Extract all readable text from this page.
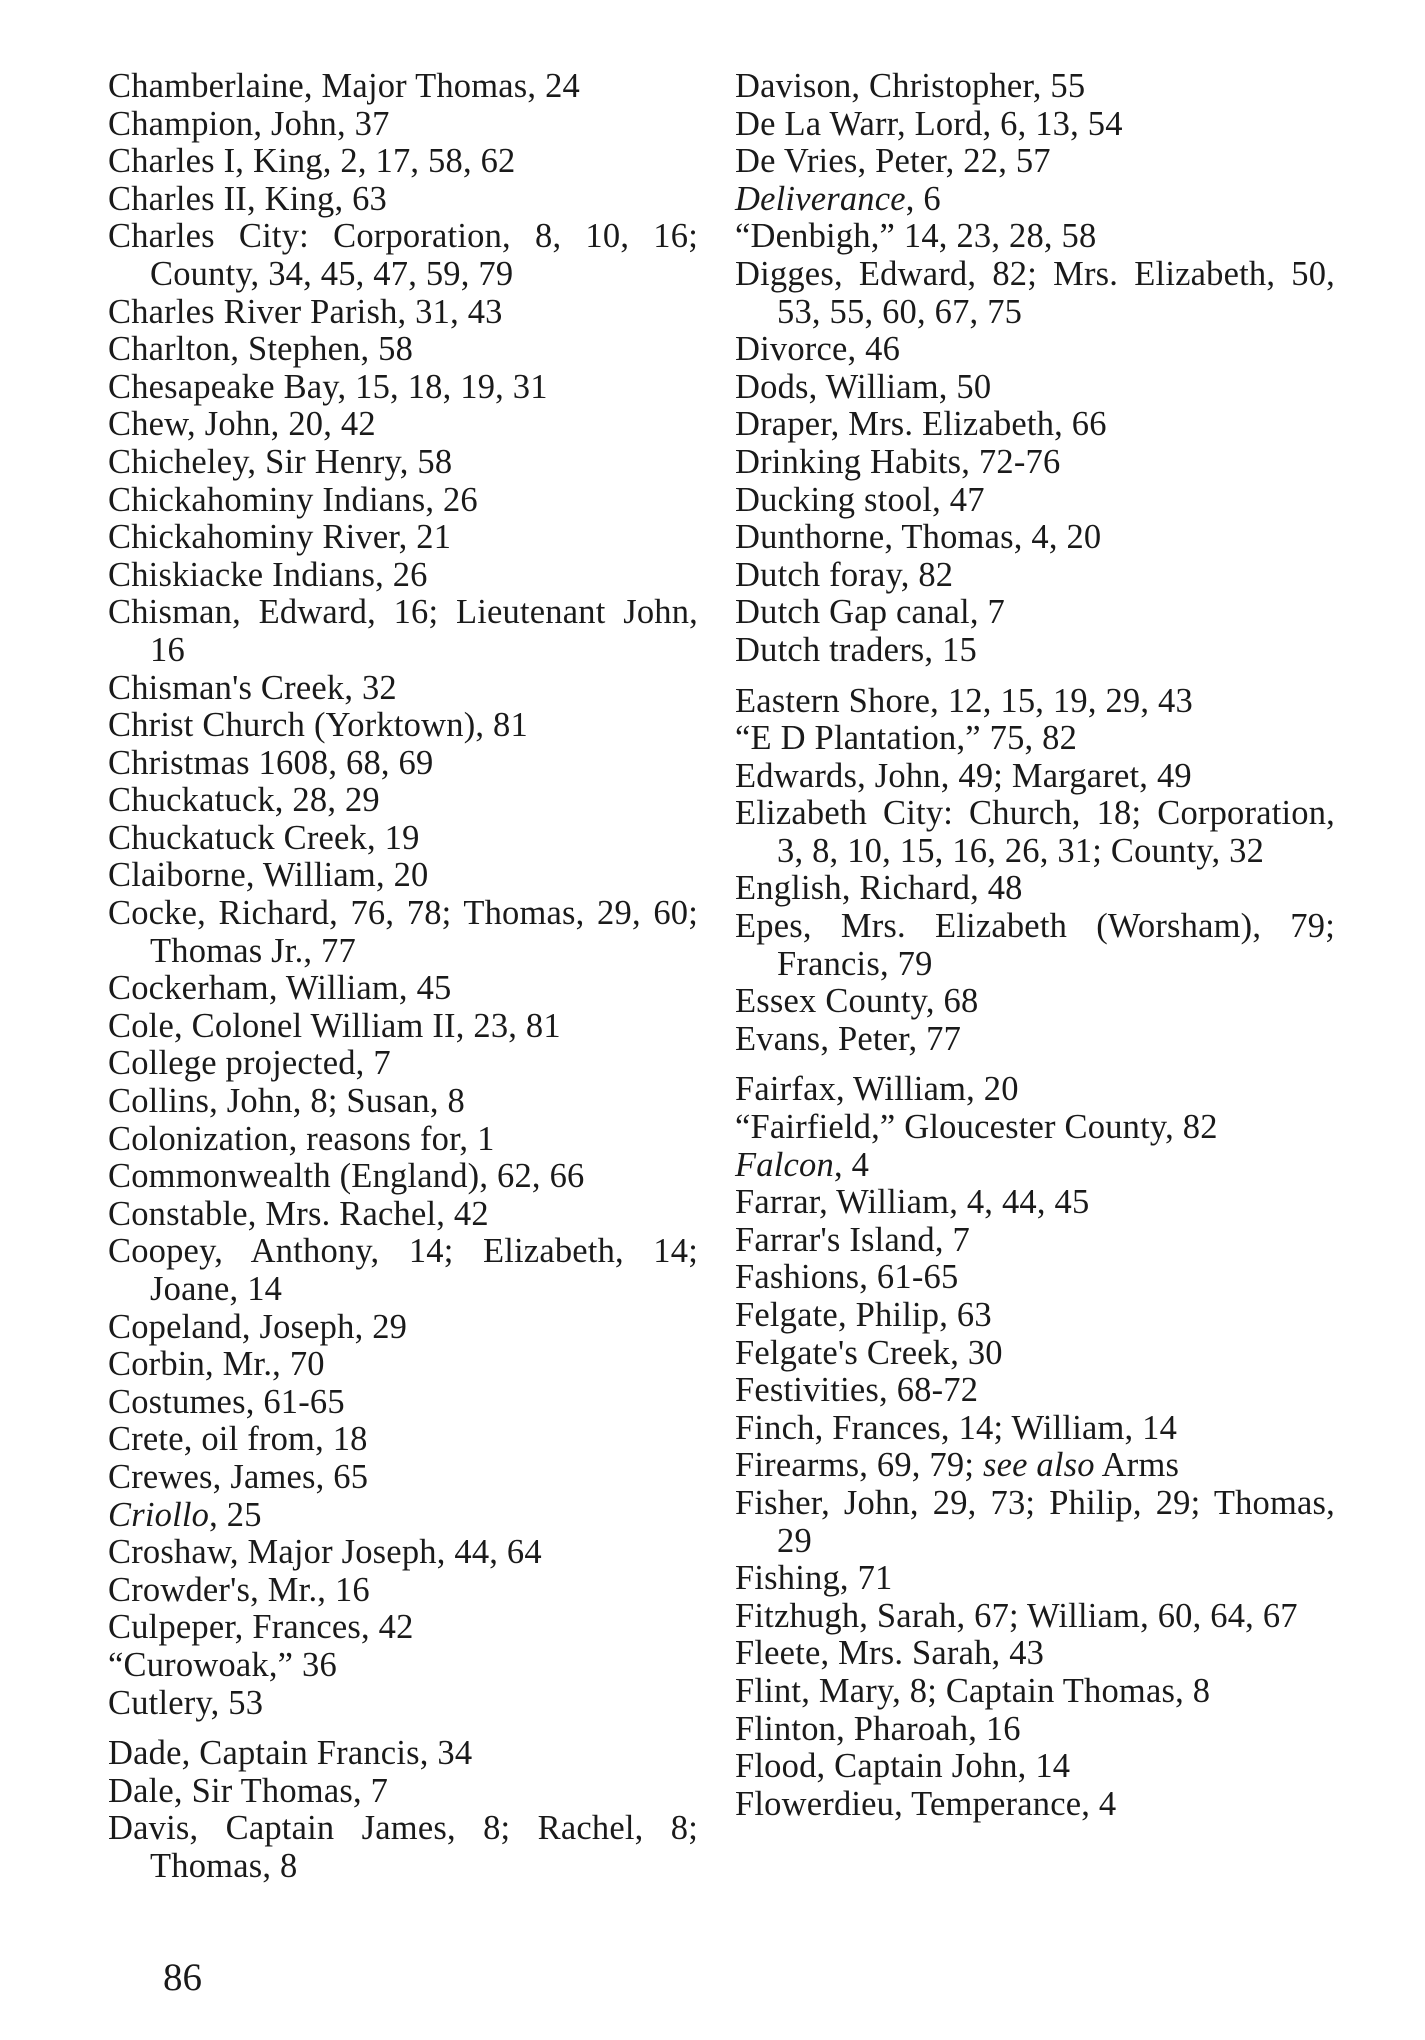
Chamberlaine, Major Thomas, 24
Champion, John, 37
Charles I, King, 2, 17, 58, 62
Charles II, King, 63
Charles City: Corporation, 8, 10, 16; County, 34, 45, 47, 59, 79
Charles River Parish, 31, 43
Charlton, Stephen, 58
Chesapeake Bay, 15, 18, 19, 31
Chew, John, 20, 42
Chicheley, Sir Henry, 58
Chickahominy Indians, 26
Chickahominy River, 21
Chiskiacke Indians, 26
Chisman, Edward, 16; Lieutenant John, 16
Chisman's Creek, 32
Christ Church (Yorktown), 81
Christmas 1608, 68, 69
Chuckatuck, 28, 29
Chuckatuck Creek, 19
Claiborne, William, 20
Cocke, Richard, 76, 78; Thomas, 29, 60; Thomas Jr., 77
Cockerham, William, 45
Cole, Colonel William II, 23, 81
College projected, 7
Collins, John, 8; Susan, 8
Colonization, reasons for, 1
Commonwealth (England), 62, 66
Constable, Mrs. Rachel, 42
Coopey, Anthony, 14; Elizabeth, 14; Joane, 14
Copeland, Joseph, 29
Corbin, Mr., 70
Costumes, 61-65
Crete, oil from, 18
Crewes, James, 65
Criollo, 25
Croshaw, Major Joseph, 44, 64
Crowder's, Mr., 16
Culpeper, Frances, 42
“Curowoak,” 36
Cutlery, 53
Dade, Captain Francis, 34
Dale, Sir Thomas, 7
Davis, Captain James, 8; Rachel, 8; Thomas, 8
Davison, Christopher, 55
De La Warr, Lord, 6, 13, 54
De Vries, Peter, 22, 57
Deliverance, 6
“Denbigh,” 14, 23, 28, 58
Digges, Edward, 82; Mrs. Elizabeth, 50, 53, 55, 60, 67, 75
Divorce, 46
Dods, William, 50
Draper, Mrs. Elizabeth, 66
Drinking Habits, 72-76
Ducking stool, 47
Dunthorne, Thomas, 4, 20
Dutch foray, 82
Dutch Gap canal, 7
Dutch traders, 15
Eastern Shore, 12, 15, 19, 29, 43
“E D Plantation,” 75, 82
Edwards, John, 49; Margaret, 49
Elizabeth City: Church, 18; Corporation, 3, 8, 10, 15, 16, 26, 31; County, 32
English, Richard, 48
Epes, Mrs. Elizabeth (Worsham), 79; Francis, 79
Essex County, 68
Evans, Peter, 77
Fairfax, William, 20
“Fairfield,” Gloucester County, 82
Falcon, 4
Farrar, William, 4, 44, 45
Farrar's Island, 7
Fashions, 61-65
Felgate, Philip, 63
Felgate's Creek, 30
Festivities, 68-72
Finch, Frances, 14; William, 14
Firearms, 69, 79; see also Arms
Fisher, John, 29, 73; Philip, 29; Thomas, 29
Fishing, 71
Fitzhugh, Sarah, 67; William, 60, 64, 67
Fleete, Mrs. Sarah, 43
Flint, Mary, 8; Captain Thomas, 8
Flinton, Pharoah, 16
Flood, Captain John, 14
Flowerdieu, Temperance, 4
86
